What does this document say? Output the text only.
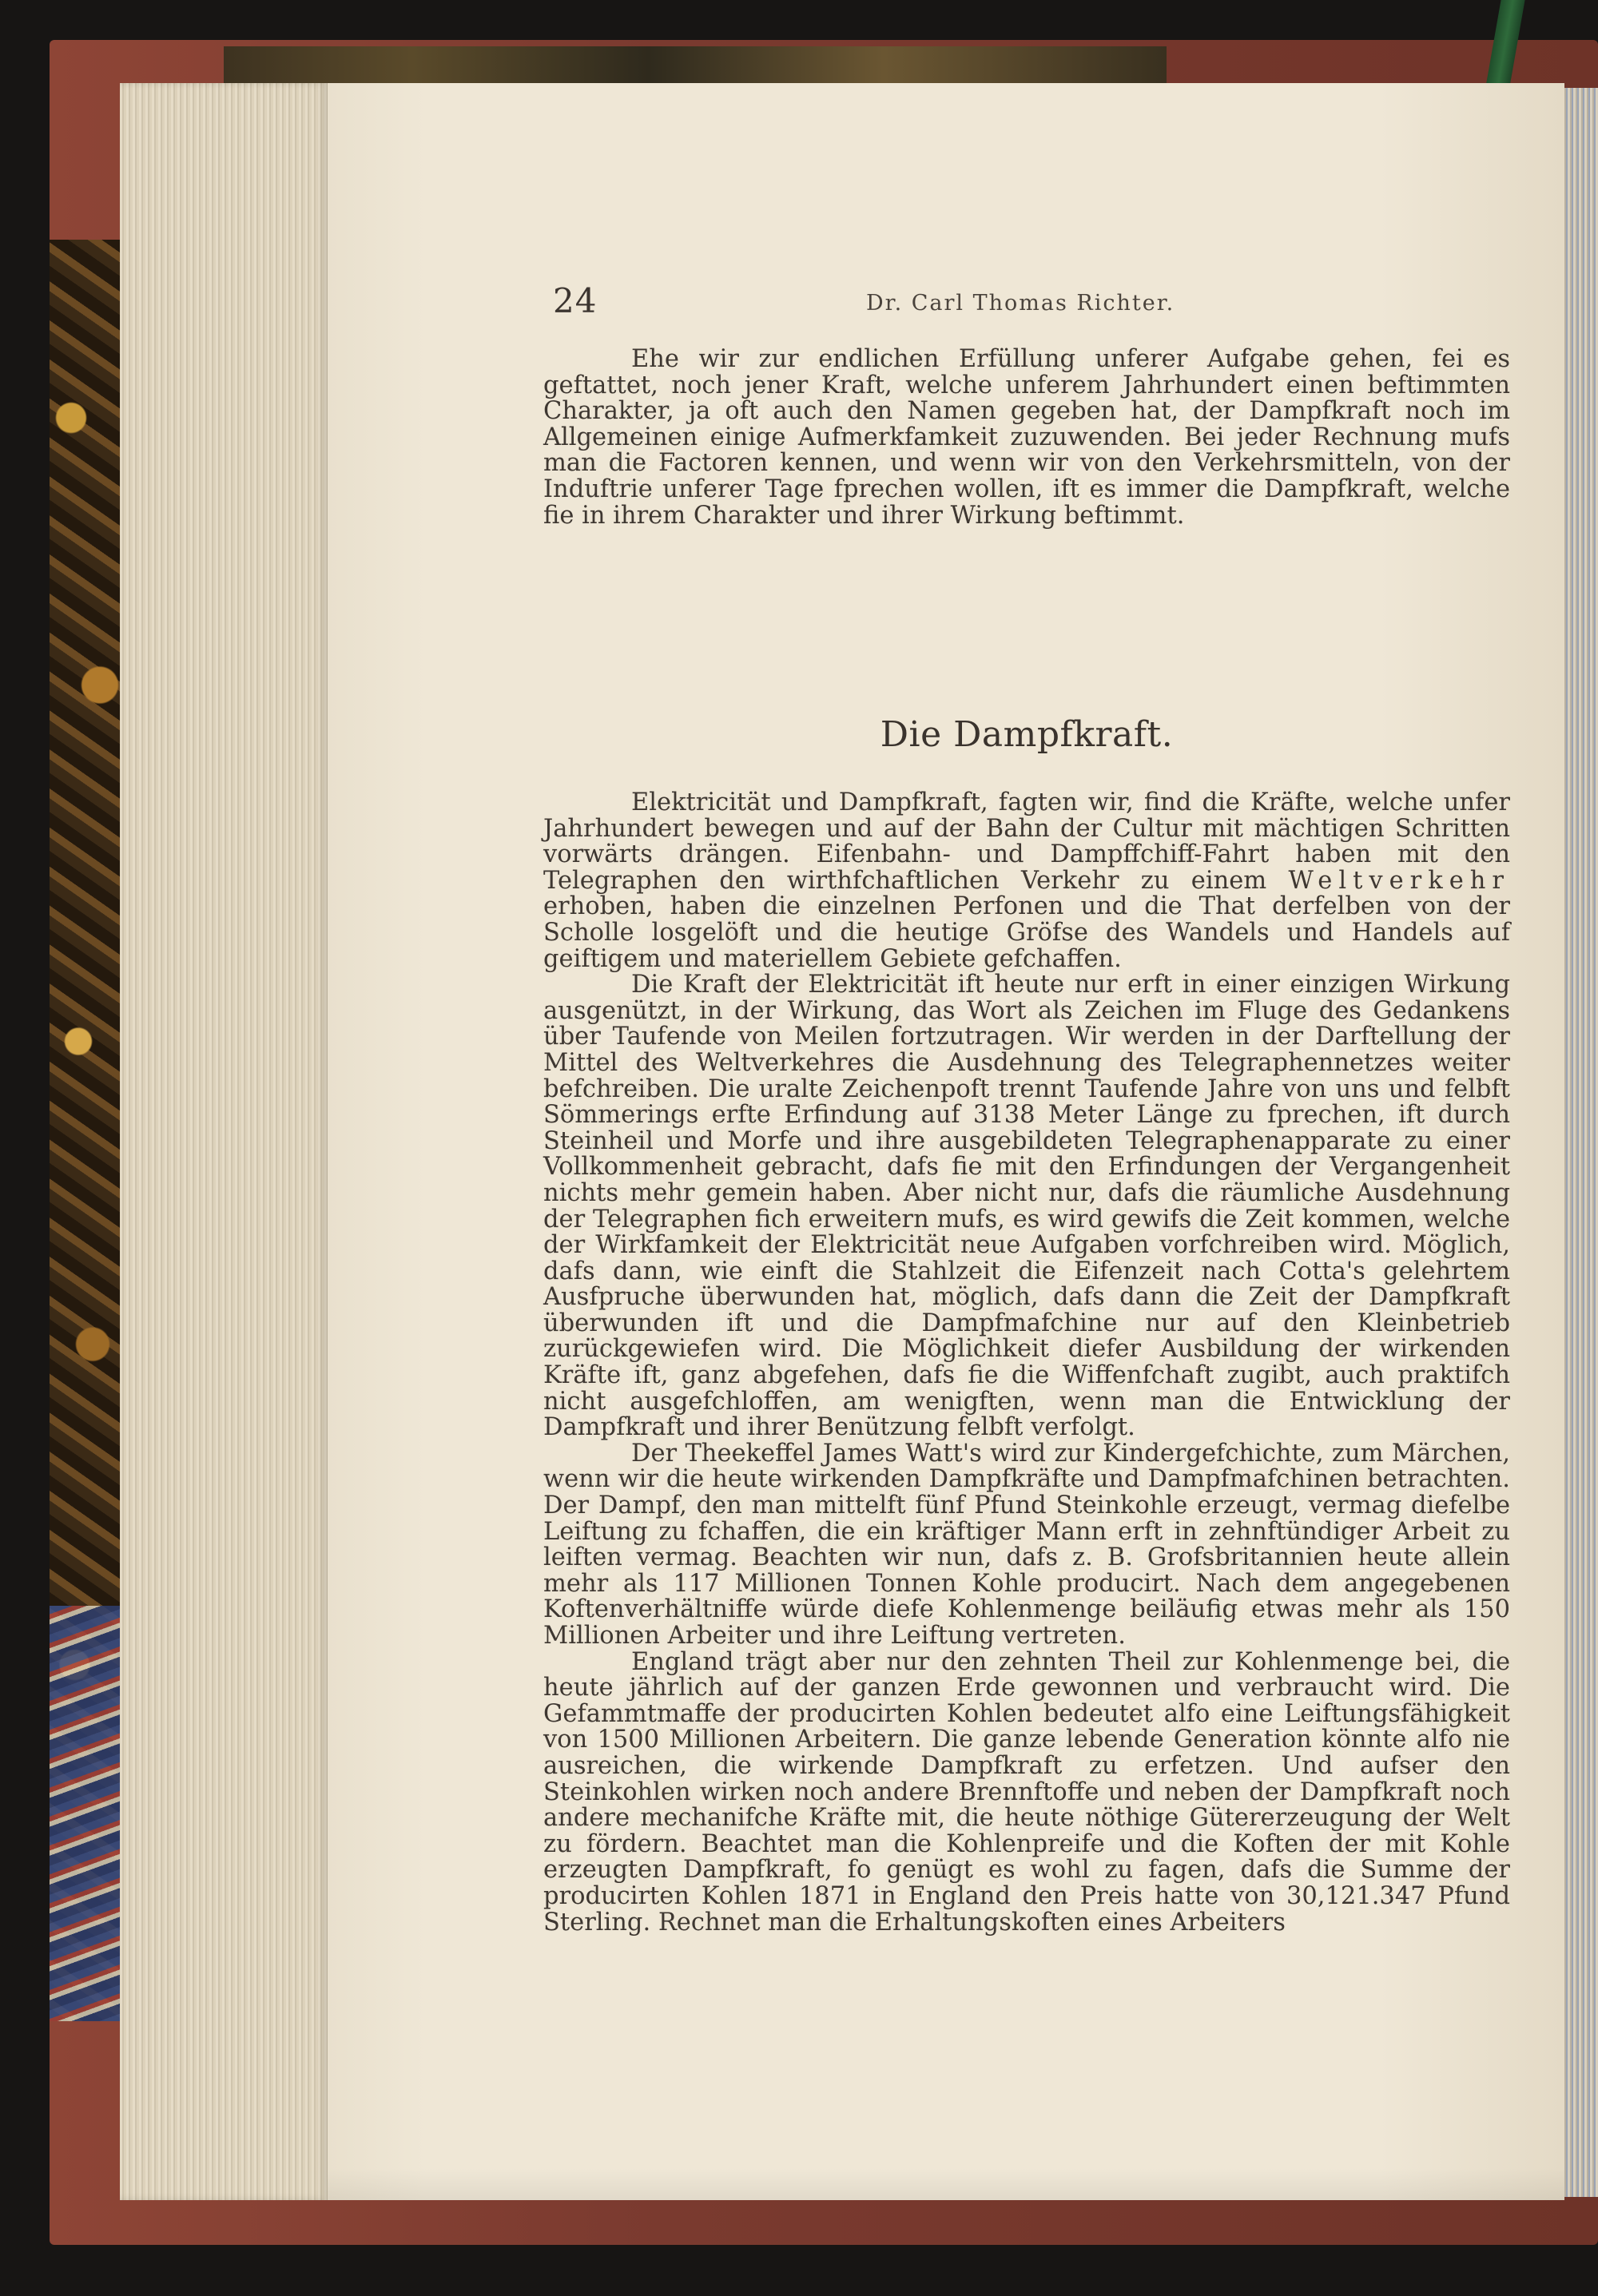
24	Dr. Carl Thomas Richter.

Ehe wir zur endlichen Erfüllung unferer Aufgabe gehen, fei es geftattet, noch jener Kraft, welche unferem Jahrhundert einen beftimmten Charakter, ja oft auch den Namen gegeben hat, der Dampfkraft noch im Allgemeinen einige Aufmerkfamkeit zuzuwenden. Bei jeder Rechnung mufs man die Factoren kennen, und wenn wir von den Verkehrsmitteln, von der Induftrie unferer Tage fprechen wollen, ift es immer die Dampfkraft, welche fie in ihrem Charakter und ihrer Wirkung beftimmt.

Die Dampfkraft.

Elektricität und Dampfkraft, fagten wir, find die Kräfte, welche unfer Jahrhundert bewegen und auf der Bahn der Cultur mit mächtigen Schritten vorwärts drängen. Eifenbahn- und Dampffchiff-Fahrt haben mit den Telegraphen den wirthfchaftlichen Verkehr zu einem Weltverkehr erhoben, haben die einzelnen Perfonen und die That derfelben von der Scholle losgelöft und die heutige Gröfse des Wandels und Handels auf geiftigem und materiellem Gebiete gefchaffen.

Die Kraft der Elektricität ift heute nur erft in einer einzigen Wirkung ausgenützt, in der Wirkung, das Wort als Zeichen im Fluge des Gedankens über Taufende von Meilen fortzutragen. Wir werden in der Darftellung der Mittel des Weltverkehres die Ausdehnung des Telegraphennetzes weiter befchreiben. Die uralte Zeichenpoft trennt Taufende Jahre von uns und felbft Sömmerings erfte Erfindung auf 3138 Meter Länge zu fprechen, ift durch Steinheil und Morfe und ihre ausgebildeten Telegraphenapparate zu einer Vollkommenheit gebracht, dafs fie mit den Erfindungen der Vergangenheit nichts mehr gemein haben. Aber nicht nur, dafs die räumliche Ausdehnung der Telegraphen fich erweitern mufs, es wird gewifs die Zeit kommen, welche der Wirkfamkeit der Elektricität neue Aufgaben vorfchreiben wird. Möglich, dafs dann, wie einft die Stahlzeit die Eifenzeit nach Cotta's gelehrtem Ausfpruche überwunden hat, möglich, dafs dann die Zeit der Dampfkraft überwunden ift und die Dampfmafchine nur auf den Kleinbetrieb zurückgewiefen wird. Die Möglichkeit diefer Ausbildung der wirkenden Kräfte ift, ganz abgefehen, dafs fie die Wiffenfchaft zugibt, auch praktifch nicht ausgefchloffen, am wenigften, wenn man die Entwicklung der Dampfkraft und ihrer Benützung felbft verfolgt.

Der Theekeffel James Watt's wird zur Kindergefchichte, zum Märchen, wenn wir die heute wirkenden Dampfkräfte und Dampfmafchinen betrachten. Der Dampf, den man mittelft fünf Pfund Steinkohle erzeugt, vermag diefelbe Leiftung zu fchaffen, die ein kräftiger Mann erft in zehnftündiger Arbeit zu leiften vermag. Beachten wir nun, dafs z. B. Grofsbritannien heute allein mehr als 117 Millionen Tonnen Kohle producirt. Nach dem angegebenen Koftenverhältniffe würde diefe Kohlenmenge beiläufig etwas mehr als 150 Millionen Arbeiter und ihre Leiftung vertreten.

England trägt aber nur den zehnten Theil zur Kohlenmenge bei, die heute jährlich auf der ganzen Erde gewonnen und verbraucht wird. Die Gefammtmaffe der producirten Kohlen bedeutet alfo eine Leiftungsfähigkeit von 1500 Millionen Arbeitern. Die ganze lebende Generation könnte alfo nie ausreichen, die wirkende Dampfkraft zu erfetzen. Und aufser den Steinkohlen wirken noch andere Brennftoffe und neben der Dampfkraft noch andere mechanifche Kräfte mit, die heute nöthige Gütererzeugung der Welt zu fördern. Beachtet man die Kohlenpreife und die Koften der mit Kohle erzeugten Dampfkraft, fo genügt es wohl zu fagen, dafs die Summe der producirten Kohlen 1871 in England den Preis hatte von 30,121.347 Pfund Sterling. Rechnet man die Erhaltungskoften eines Arbeiters
